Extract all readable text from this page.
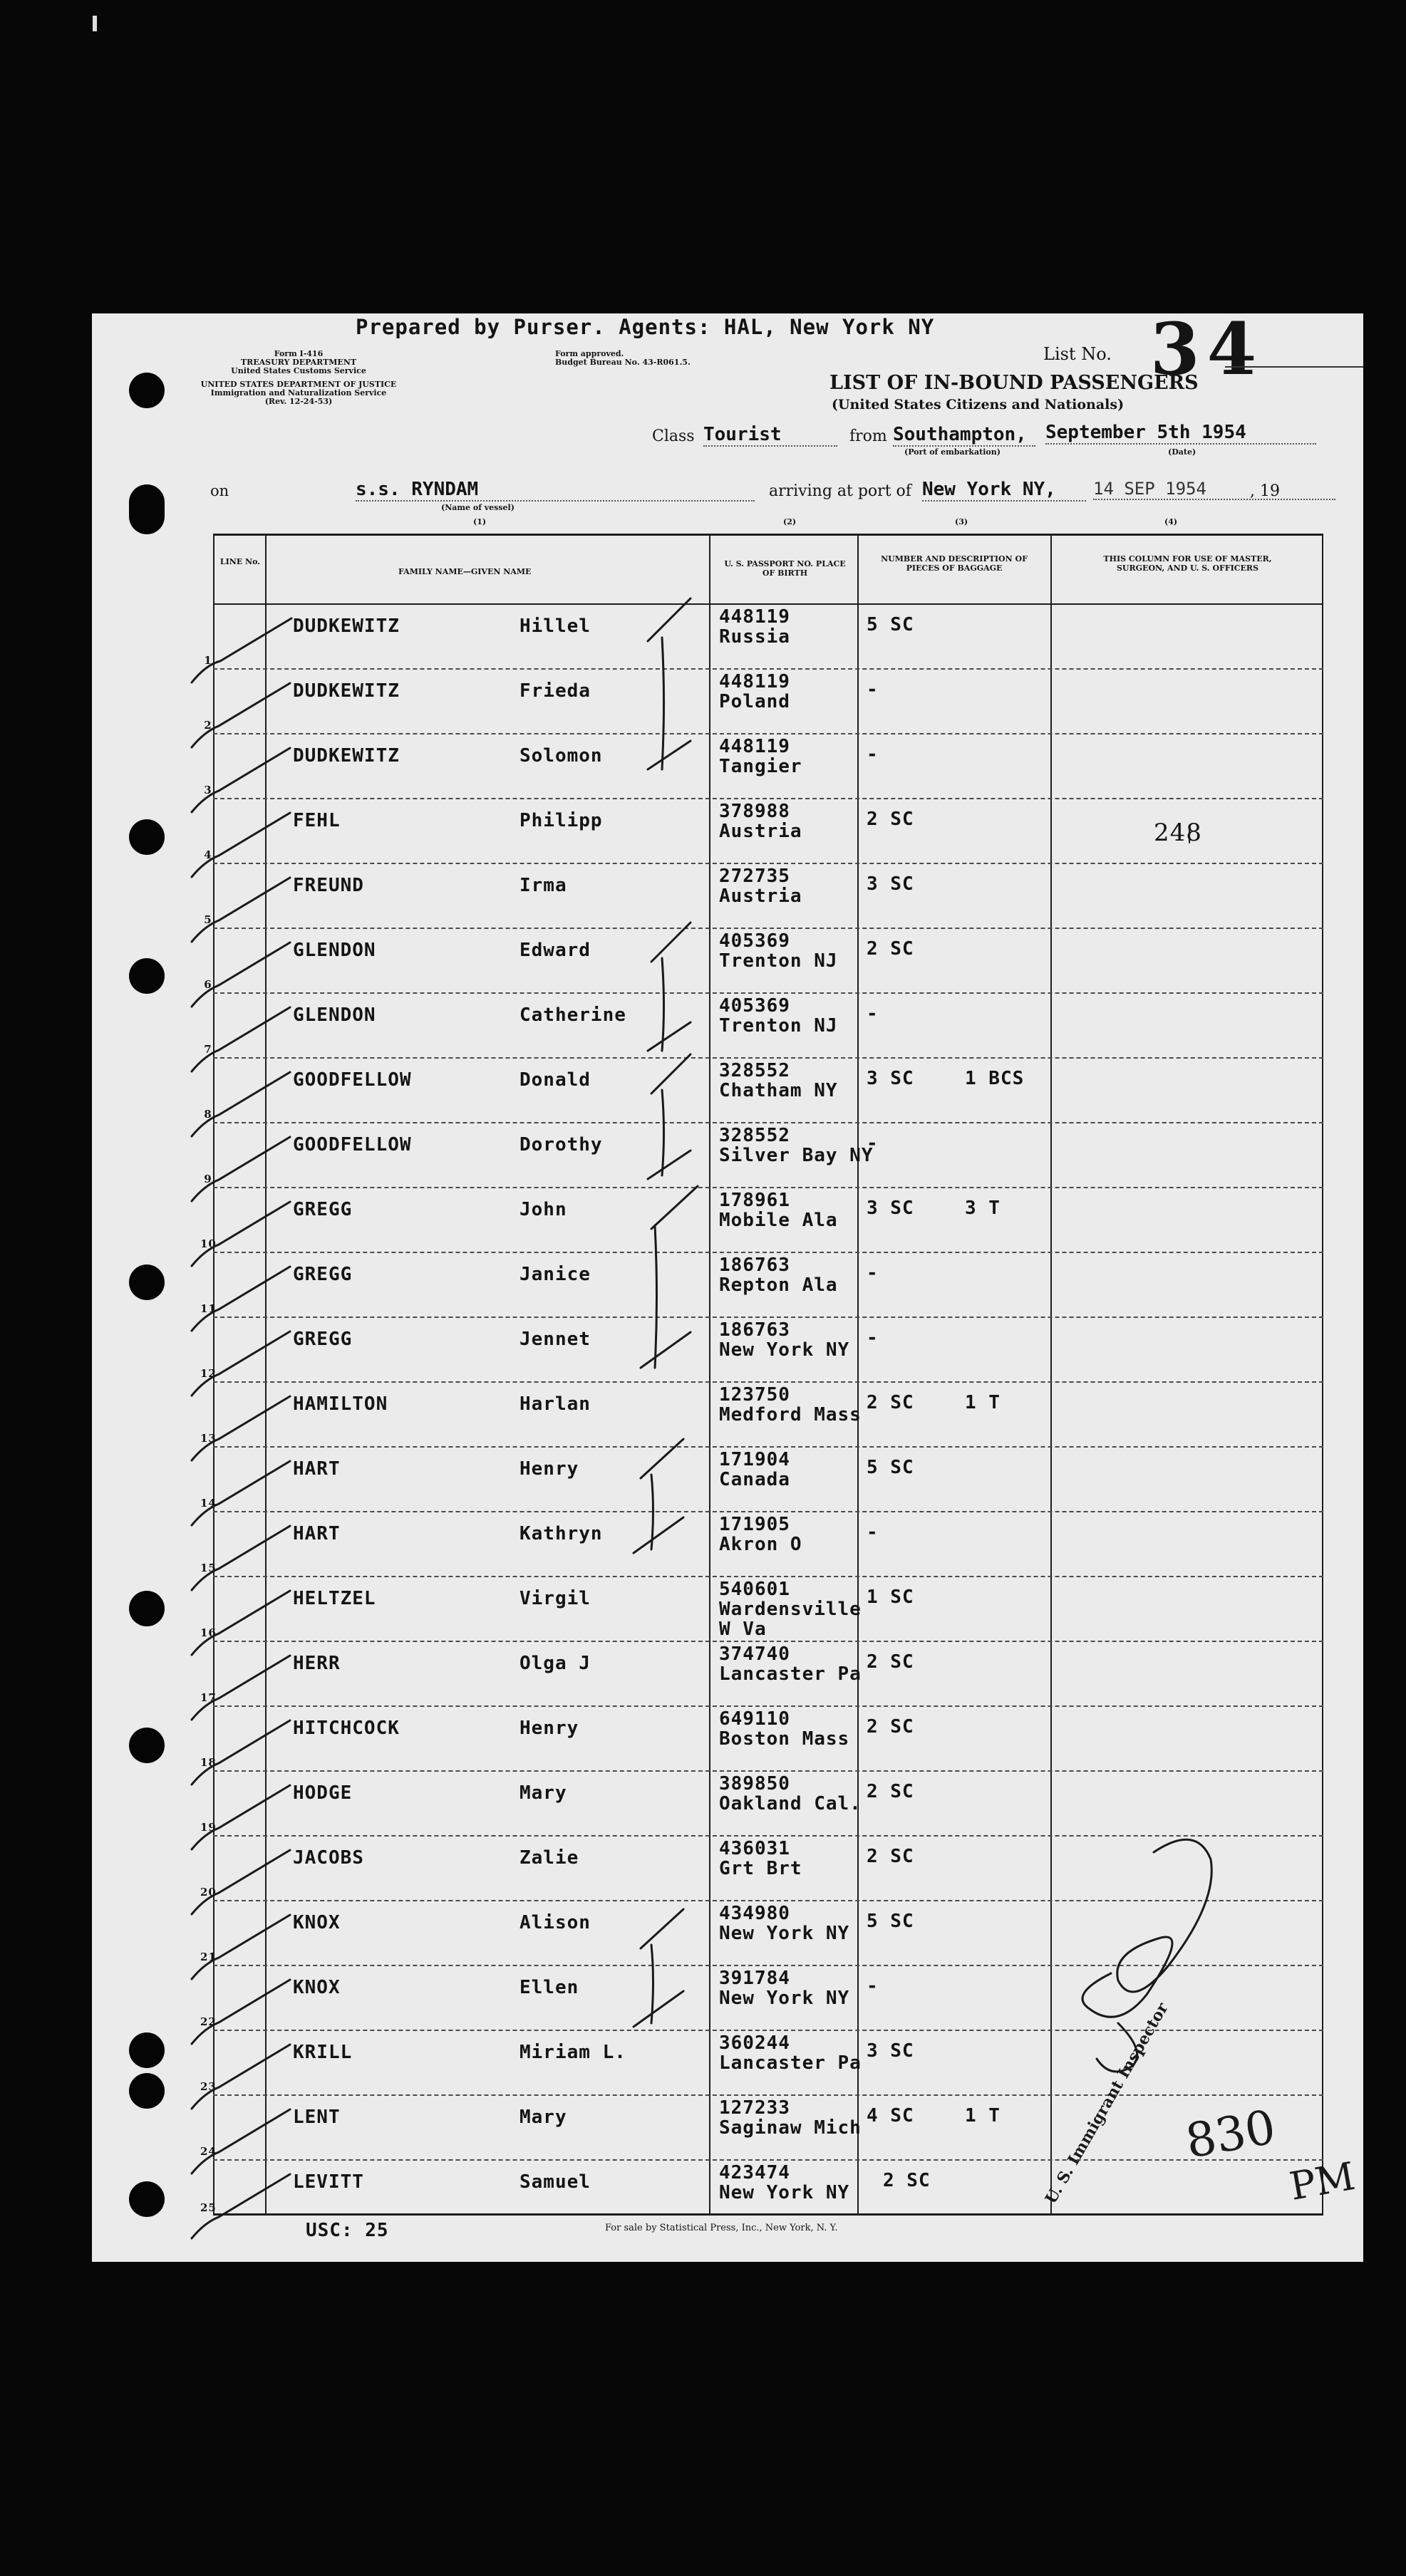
Prepared by Purser. Agents: HAL, New York NY
Form I-416
TREASURY DEPARTMENT
United States Customs Service
UNITED STATES DEPARTMENT OF JUSTICE
Immigration and Naturalization Service
(Rev. 12-24-53)
Form approved.
Budget Bureau No. 43-R061.5.	List No. 34
LIST OF IN-BOUND PASSENGERS
(United States Citizens and Nationals)
Class Tourist	from Southampton,
(Port of embarkation)
September 5th 1954
(Date)
on	s.s. RYNDAM
(Name of vessel)
arriving at port of New York NY,	14 SEP 1954	, 19
(1)	(2)	(3)	(4)
LINE No.
FAMILY NAME—GIVEN NAME
U. S. PASSPORT NO. PLACE OF BIRTH
NUMBER AND DESCRIPTION OF PIECES OF BAGGAGE
THIS COLUMN FOR USE OF MASTER, SURGEON, AND U. S. OFFICERS
1
DUDKEWITZ	Hillel	448119
Russia
5 SC
2
DUDKEWITZ	Frieda	448119
Poland
-
3
DUDKEWITZ	Solomon	448119
Tangier
-
4
FEHL	Philipp	378988
Austria
2 SC	248
5
FREUND	Irma	272735
Austria
3 SC
6
GLENDON	Edward	405369
Trenton NJ
2 SC
7
GLENDON	Catherine	405369
Trenton NJ
-
8
GOODFELLOW	Donald	328552
Chatham NY
3 SC	1 BCS
9
GOODFELLOW	Dorothy	328552
Silver Bay NY
-
10
GREGG	John	178961
Mobile Ala
3 SC	3 T
11
GREGG	Janice	186763
Repton Ala
-
12
GREGG	Jennet	186763
New York NY
-
13
HAMILTON	Harlan	123750
Medford Mass
2 SC	1 T
14
HART	Henry	171904
Canada
5 SC
15
HART	Kathryn	171905
Akron O
-
16
HELTZEL	Virgil	540601
Wardensville W Va
1 SC
17
HERR	Olga J	374740
Lancaster Pa
2 SC
18
HITCHCOCK	Henry	649110
Boston Mass
2 SC
19
HODGE	Mary	389850
Oakland Cal.
2 SC
20
JACOBS	Zalie	436031
Grt Brt
2 SC
21
KNOX	Alison	434980
New York NY
5 SC
22
KNOX	Ellen	391784
New York NY
-
23
KRILL	Miriam L.	360244
Lancaster Pa
3 SC
24
LENT	Mary	127233
Saginaw Mich
4 SC	1 T
25
LEVITT	Samuel	423474
New York NY
2 SC
USC: 25	For sale by Statistical Press, Inc., New York, N. Y.
U. S. Immigrant Inspector 830
PM
